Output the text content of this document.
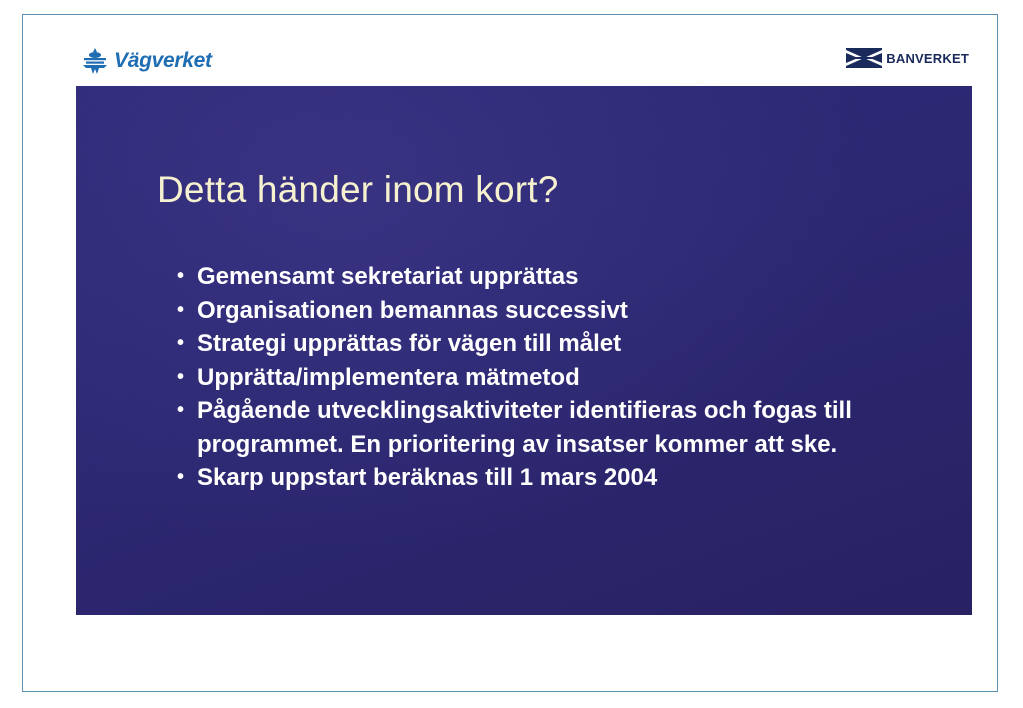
Vägverket	BANVERKET
Detta händer inom kort?
• Gemensamt sekretariat upprättas
• Organisationen bemannas successivt
• Strategi upprättas för vägen till målet
• Upprätta/implementera mätmetod
• Pågående utvecklingsaktiviteter identifieras och fogas till programmet. En prioritering av insatser kommer att ske.
• Skarp uppstart beräknas till 1 mars 2004
